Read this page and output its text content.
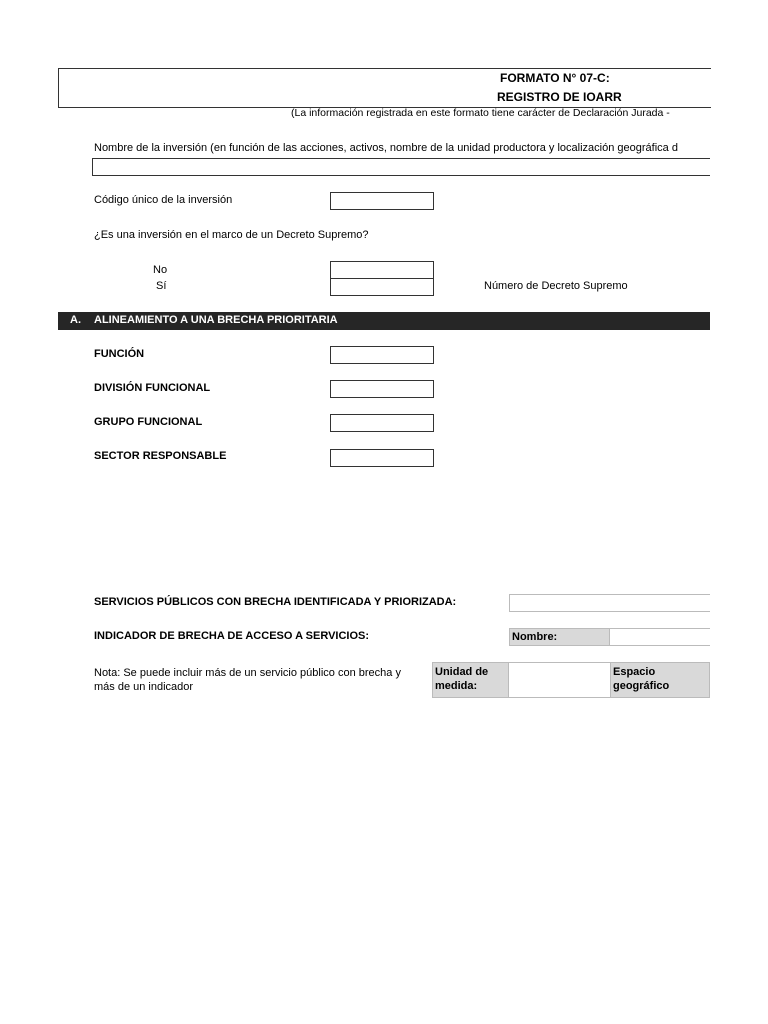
FORMATO N° 07-C:
REGISTRO DE IOARR
(La información registrada en este formato tiene carácter de Declaración Jurada -
Nombre de la inversión (en función de las acciones, activos, nombre de la unidad productora y localización geográfica d
Código único de la inversión
¿Es una inversión en el marco de un Decreto Supremo?
No
Sí	Número de Decreto Supremo
A. ALINEAMIENTO A UNA BRECHA PRIORITARIA
FUNCIÓN
DIVISIÓN FUNCIONAL
GRUPO FUNCIONAL
SECTOR RESPONSABLE
SERVICIOS PÚBLICOS CON BRECHA IDENTIFICADA Y PRIORIZADA:
INDICADOR DE BRECHA DE ACCESO A SERVICIOS:	Nombre:
Nota: Se puede incluir más de un servicio público con brecha y
más de un indicador
Unidad de
medida:
Espacio
geográfico
